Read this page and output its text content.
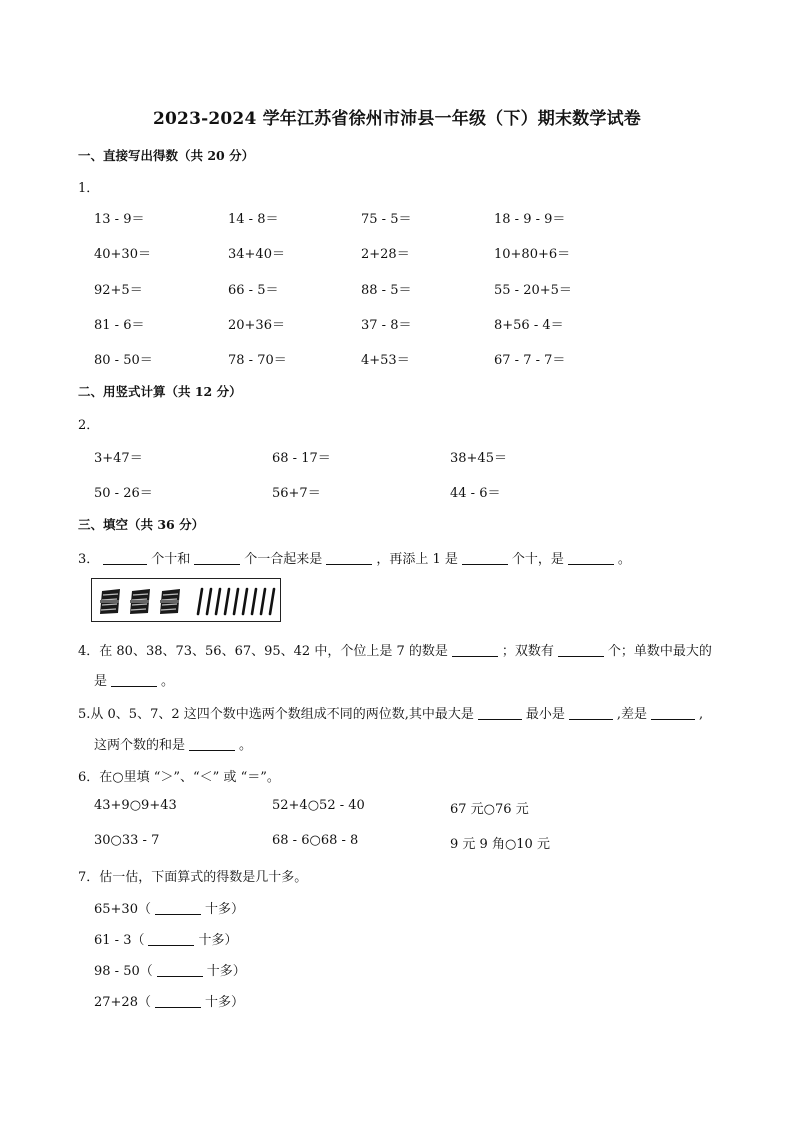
2023-2024 学年江苏省徐州市沛县一年级（下）期末数学试卷
一、直接写出得数（共 20 分）
1．
13 - 9＝	14 - 8＝	75 - 5＝	18 - 9 - 9＝
40+30＝	34+40＝	2+28＝	10+80+6＝
92+5＝	66 - 5＝	88 - 5＝	55 - 20+5＝
81 - 6＝	20+36＝	37 - 8＝	8+56 - 4＝
80 - 50＝	78 - 70＝	4+53＝	67 - 7 - 7＝
二、用竖式计算（共 12 分）
2．
3+47＝	68 - 17＝	38+45＝
50 - 26＝	56+7＝	44 - 6＝
三、填空（共 36 分）
3．	个十和	个一合起来是	，再添上 1 是	个十，是	。
4．在 80、38、73、56、67、95、42 中，个位上是 7 的数是	；双数有	个；单数中最大的
是	。
5.从 0、5、7、2 这四个数中选两个数组成不同的两位数,其中最大是	最小是	,差是	,
这两个数的和是	。
6．在○里填 “＞”、“＜” 或 “＝”。
43+9○9+43	52+4○52 - 40	67 元○76 元
30○33 - 7	68 - 6○68 - 8	9 元 9 角○10 元
7．估一估，下面算式的得数是几十多。
65+30（	十多）
61 - 3（	十多）
98 - 50（	十多）
27+28（	十多）
